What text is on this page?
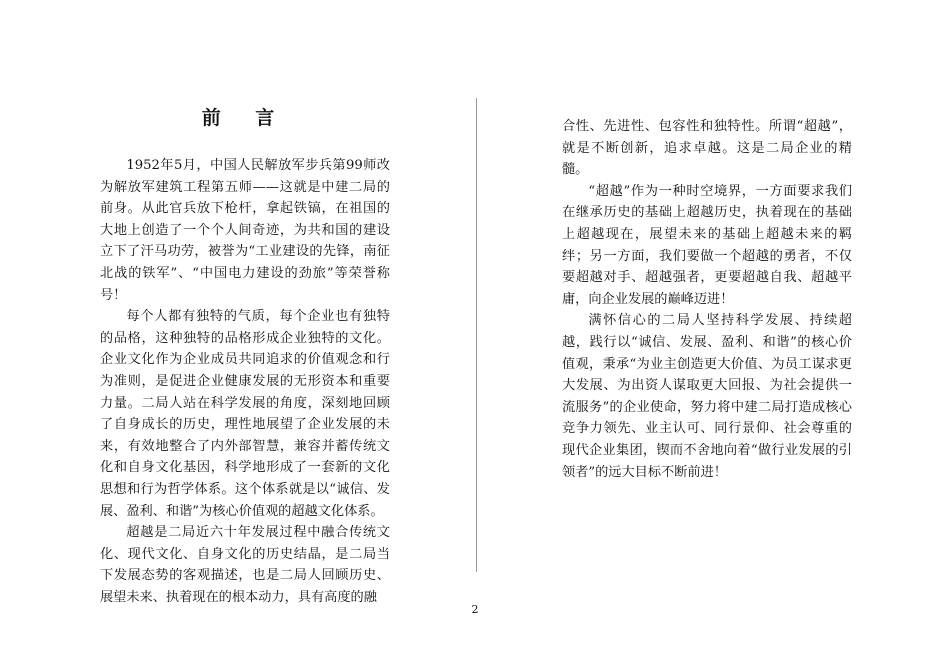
前 言

1952年5月，中国人民解放军步兵第99师改为解放军建筑工程第五师——这就是中建二局的前身。从此官兵放下枪杆，拿起铁镐，在祖国的大地上创造了一个个人间奇迹，为共和国的建设立下了汗马功劳，被誉为“工业建设的先锋，南征北战的铁军”、“中国电力建设的劲旅”等荣誉称号！

每个人都有独特的气质，每个企业也有独特的品格，这种独特的品格形成企业独特的文化。企业文化作为企业成员共同追求的价值观念和行为准则，是促进企业健康发展的无形资本和重要力量。二局人站在科学发展的角度，深刻地回顾了自身成长的历史，理性地展望了企业发展的未来，有效地整合了内外部智慧，兼容并蓄传统文化和自身文化基因，科学地形成了一套新的文化思想和行为哲学体系。这个体系就是以“诚信、发展、盈利、和谐”为核心价值观的超越文化体系。

超越是二局近六十年发展过程中融合传统文化、现代文化、自身文化的历史结晶，是二局当下发展态势的客观描述，也是二局人回顾历史、展望未来、执着现在的根本动力，具有高度的融

合性、先进性、包容性和独特性。所谓“超越”，就是不断创新，追求卓越。这是二局企业的精髓。

“超越”作为一种时空境界，一方面要求我们在继承历史的基础上超越历史，执着现在的基础上超越现在，展望未来的基础上超越未来的羁绊；另一方面，我们要做一个超越的勇者，不仅要超越对手、超越强者，更要超越自我、超越平庸，向企业发展的巅峰迈进！

满怀信心的二局人坚持科学发展、持续超越，践行以“诚信、发展、盈利、和谐”的核心价值观，秉承“为业主创造更大价值、为员工谋求更大发展、为出资人谋取更大回报、为社会提供一流服务”的企业使命，努力将中建二局打造成核心竞争力领先、业主认可、同行景仰、社会尊重的现代企业集团，锲而不舍地向着“做行业发展的引领者”的远大目标不断前进！

2
